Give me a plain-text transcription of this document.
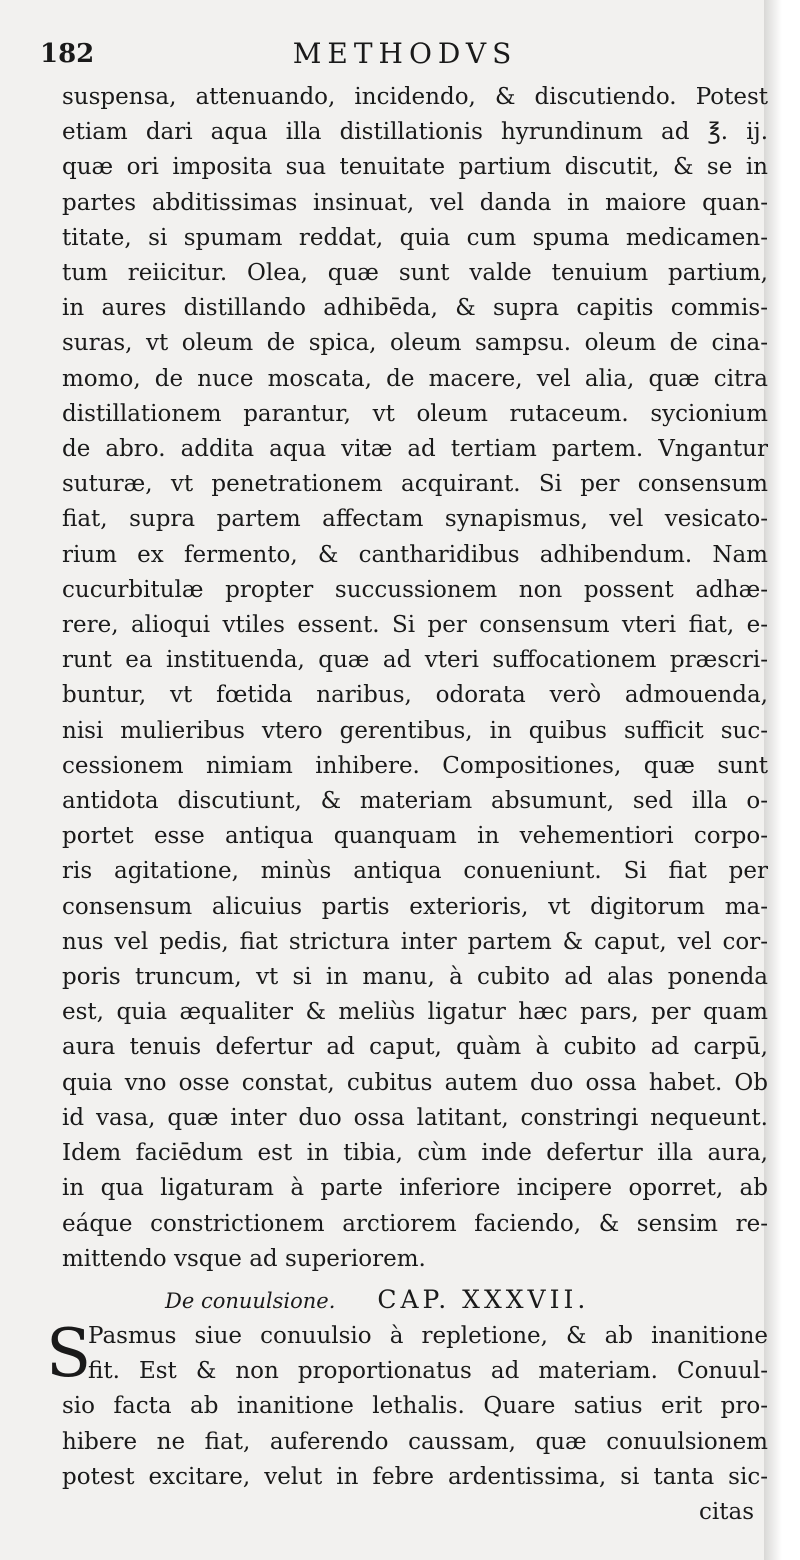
182	METHODVS
suspensa, attenuando, incidendo, & discutiendo. Potest
etiam dari aqua illa distillationis hyrundinum ad ℥. ij.
quæ ori imposita sua tenuitate partium discutit, & se in
partes abditissimas insinuat, vel danda in maiore quan-
titate, si spumam reddat, quia cum spuma medicamen-
tum reiicitur. Olea, quæ sunt valde tenuium partium,
in aures distillando adhibēda, & supra capitis commis-
suras, vt oleum de spica, oleum sampsu. oleum de cina-
momo, de nuce moscata, de macere, vel alia, quæ citra
distillationem parantur, vt oleum rutaceum. sycionium
de abro. addita aqua vitæ ad tertiam partem. Vngantur
suturæ, vt penetrationem acquirant. Si per consensum
fiat, supra partem affectam synapismus, vel vesicato-
rium ex fermento, & cantharidibus adhibendum. Nam
cucurbitulæ propter succussionem non possent adhæ-
rere, alioqui vtiles essent. Si per consensum vteri fiat, e-
runt ea instituenda, quæ ad vteri suffocationem præscri-
buntur, vt fœtida naribus, odorata verò admouenda,
nisi mulieribus vtero gerentibus, in quibus sufficit suc-
cessionem nimiam inhibere. Compositiones, quæ sunt
antidota discutiunt, & materiam absumunt, sed illa o-
portet esse antiqua quanquam in vehementiori corpo-
ris agitatione, minùs antiqua conueniunt. Si fiat per
consensum alicuius partis exterioris, vt digitorum ma-
nus vel pedis, fiat strictura inter partem & caput, vel cor-
poris truncum, vt si in manu, à cubito ad alas ponenda
est, quia æqualiter & meliùs ligatur hæc pars, per quam
aura tenuis defertur ad caput, quàm à cubito ad carpū,
quia vno osse constat, cubitus autem duo ossa habet. Ob
id vasa, quæ inter duo ossa latitant, constringi nequeunt.
Idem faciēdum est in tibia, cùm inde defertur illa aura,
in qua ligaturam à parte inferiore incipere oporret, ab
eáque constrictionem arctiorem faciendo, & sensim re-
mittendo vsque ad superiorem.
De conuulsione. CAP. XXXVII.
S
Pasmus siue conuulsio à repletione, & ab inanitione
fit. Est & non proportionatus ad materiam. Conuul-
sio facta ab inanitione lethalis. Quare satius erit pro-
hibere ne fiat, auferendo caussam, quæ conuulsionem
potest excitare, velut in febre ardentissima, si tanta sic-
citas
